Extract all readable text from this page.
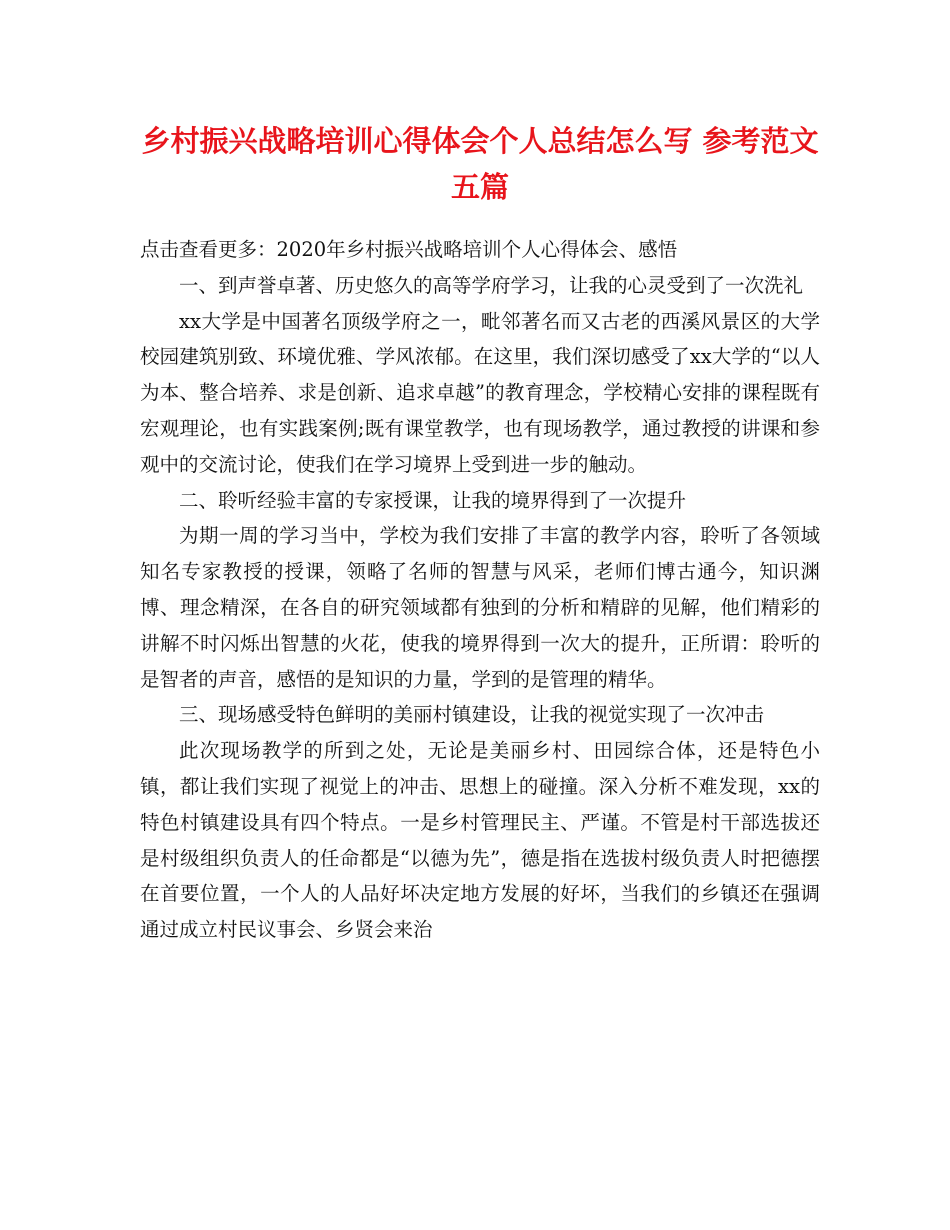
乡村振兴战略培训心得体会个人总结怎么写 参考范文
五篇

点击查看更多：2020年乡村振兴战略培训个人心得体会、感悟

一、到声誉卓著、历史悠久的高等学府学习，让我的心灵受到了一次洗礼

xx大学是中国著名顶级学府之一，毗邻著名而又古老的西溪风景区的大学校园建筑别致、环境优雅、学风浓郁。在这里，我们深切感受了xx大学的“以人为本、整合培养、求是创新、追求卓越”的教育理念，学校精心安排的课程既有宏观理论，也有实践案例;既有课堂教学，也有现场教学，通过教授的讲课和参观中的交流讨论，使我们在学习境界上受到进一步的触动。

二、聆听经验丰富的专家授课，让我的境界得到了一次提升

为期一周的学习当中，学校为我们安排了丰富的教学内容，聆听了各领域知名专家教授的授课，领略了名师的智慧与风采，老师们博古通今，知识渊博、理念精深，在各自的研究领域都有独到的分析和精辟的见解，他们精彩的讲解不时闪烁出智慧的火花，使我的境界得到一次大的提升，正所谓：聆听的是智者的声音，感悟的是知识的力量，学到的是管理的精华。

三、现场感受特色鲜明的美丽村镇建设，让我的视觉实现了一次冲击

此次现场教学的所到之处，无论是美丽乡村、田园综合体，还是特色小镇，都让我们实现了视觉上的冲击、思想上的碰撞。深入分析不难发现，xx的特色村镇建设具有四个特点。一是乡村管理民主、严谨。不管是村干部选拔还是村级组织负责人的任命都是“以德为先”，德是指在选拔村级负责人时把德摆在首要位置，一个人的人品好坏决定地方发展的好坏，当我们的乡镇还在强调通过成立村民议事会、乡贤会来治
